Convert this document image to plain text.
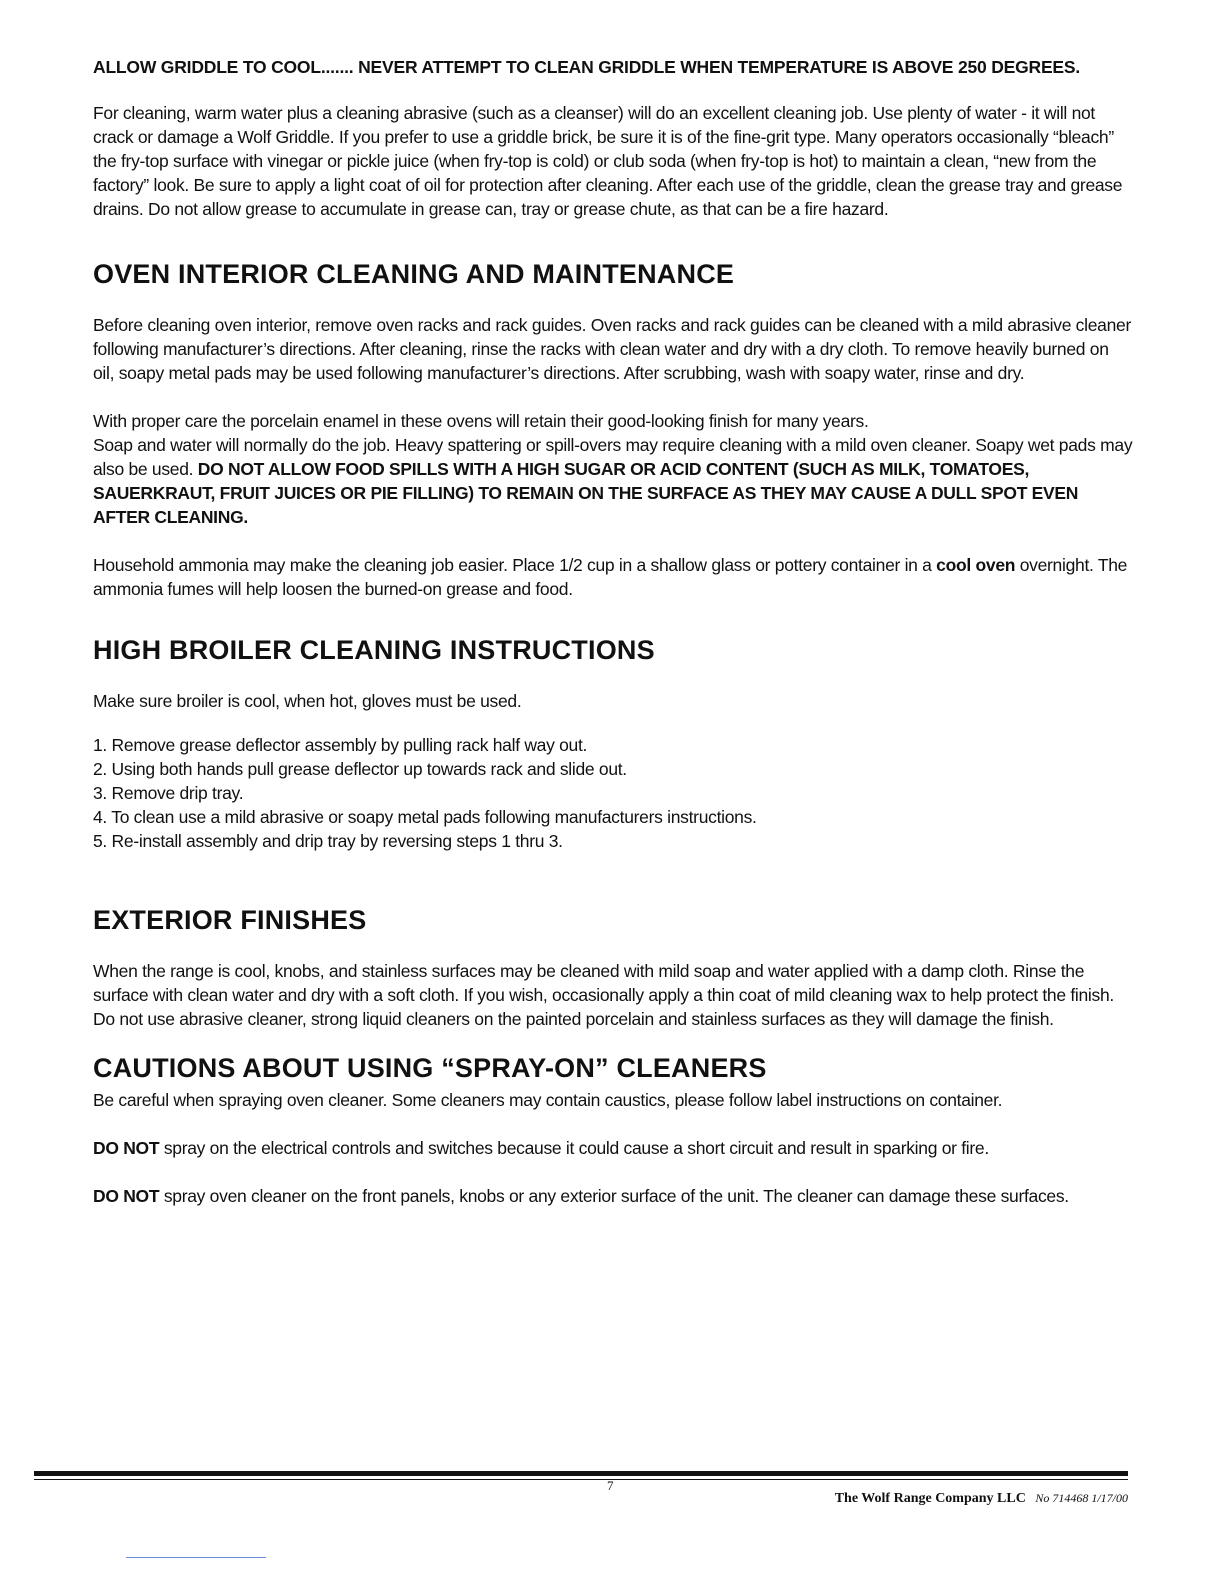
ALLOW GRIDDLE TO COOL....... NEVER ATTEMPT TO CLEAN GRIDDLE WHEN TEMPERATURE IS ABOVE 250 DEGREES.

For cleaning, warm water plus a cleaning abrasive (such as a cleanser) will do an excellent cleaning job. Use plenty of water - it will not crack or damage a Wolf Griddle. If you prefer to use a griddle brick, be sure it is of the fine-grit type. Many operators occasionally “bleach” the fry-top surface with vinegar or pickle juice (when fry-top is cold) or club soda (when fry-top is hot) to maintain a clean, “new from the factory” look. Be sure to apply a light coat of oil for protection after cleaning. After each use of the griddle, clean the grease tray and grease drains. Do not allow grease to accumulate in grease can, tray or grease chute, as that can be a fire hazard.

OVEN INTERIOR CLEANING AND MAINTENANCE

Before cleaning oven interior, remove oven racks and rack guides. Oven racks and rack guides can be cleaned with a mild abrasive cleaner following manufacturer’s directions. After cleaning, rinse the racks with clean water and dry with a dry cloth. To remove heavily burned on oil, soapy metal pads may be used following manufacturer’s directions. After scrubbing, wash with soapy water, rinse and dry.

With proper care the porcelain enamel in these ovens will retain their good-looking finish for many years.
Soap and water will normally do the job. Heavy spattering or spill-overs may require cleaning with a mild oven cleaner. Soapy wet pads may also be used. DO NOT ALLOW FOOD SPILLS WITH A HIGH SUGAR OR ACID CONTENT (SUCH AS MILK, TOMATOES, SAUERKRAUT, FRUIT JUICES OR PIE FILLING) TO REMAIN ON THE SURFACE AS THEY MAY CAUSE A DULL SPOT EVEN AFTER CLEANING.

Household ammonia may make the cleaning job easier. Place 1/2 cup in a shallow glass or pottery container in a cool oven overnight. The ammonia fumes will help loosen the burned-on grease and food.

HIGH BROILER CLEANING INSTRUCTIONS

Make sure broiler is cool, when hot, gloves must be used.

1. Remove grease deflector assembly by pulling rack half way out.
2. Using both hands pull grease deflector up towards rack and slide out.
3. Remove drip tray.
4. To clean use a mild abrasive or soapy metal pads following manufacturers instructions.
5. Re-install assembly and drip tray by reversing steps 1 thru 3.
EXTERIOR FINISHES

When the range is cool, knobs, and stainless surfaces may be cleaned with mild soap and water applied with a damp cloth. Rinse the surface with clean water and dry with a soft cloth. If you wish, occasionally apply a thin coat of mild cleaning wax to help protect the finish. Do not use abrasive cleaner, strong liquid cleaners on the painted porcelain and stainless surfaces as they will damage the finish.

CAUTIONS ABOUT USING “SPRAY-ON” CLEANERS

Be careful when spraying oven cleaner. Some cleaners may contain caustics, please follow label instructions on container.

DO NOT spray on the electrical controls and switches because it could cause a short circuit and result in sparking or fire.

DO NOT spray oven cleaner on the front panels, knobs or any exterior surface of the unit. The cleaner can damage these surfaces.

7
The Wolf Range Company LLC No 714468 1/17/00
